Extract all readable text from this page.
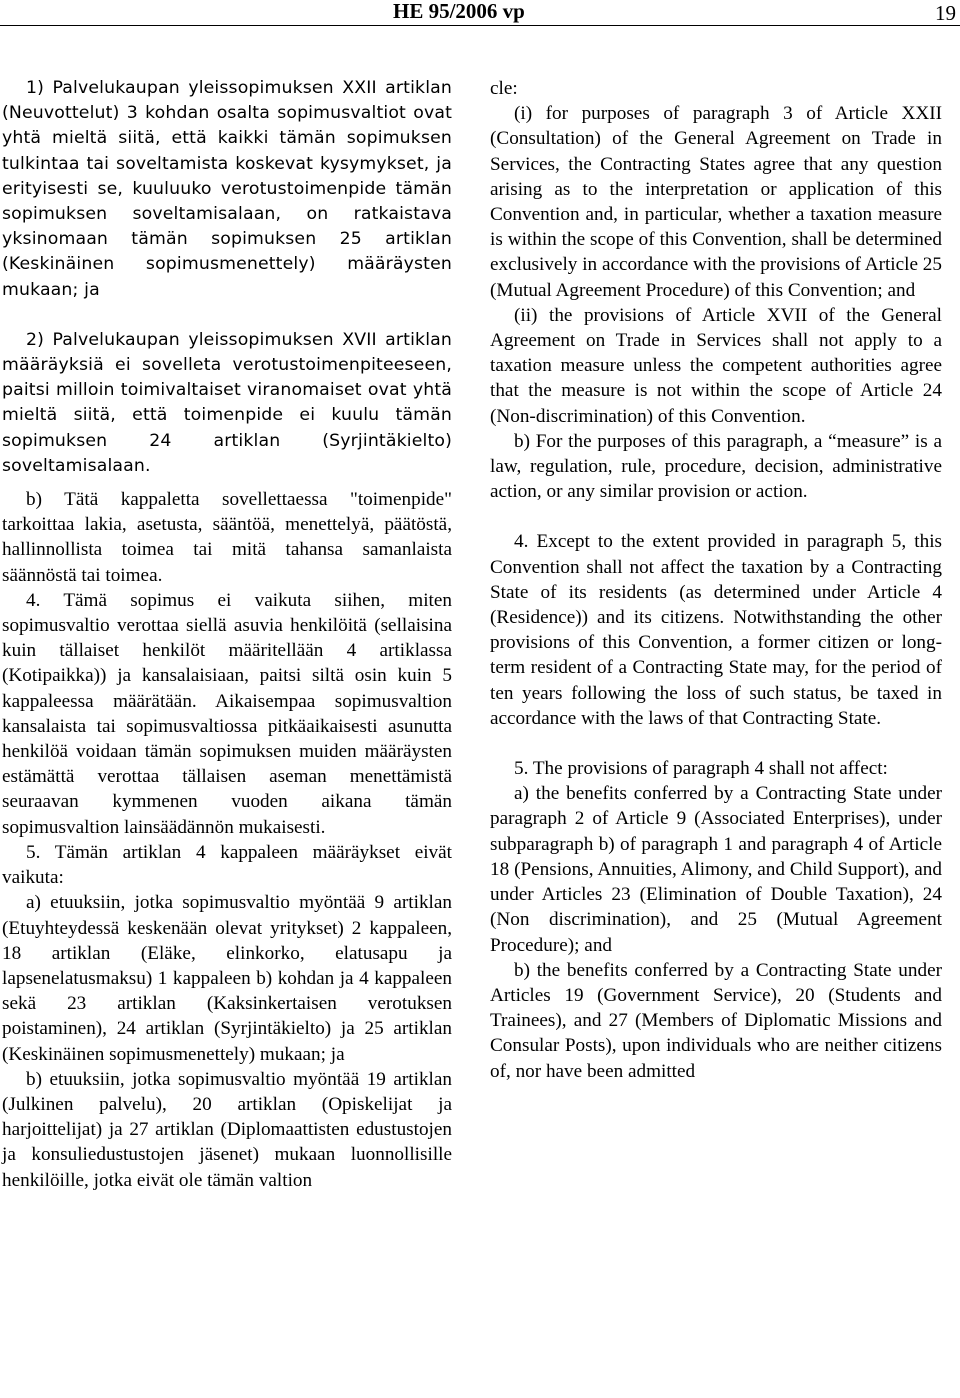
HE 95/2006 vp	19

1) Palvelukaupan yleissopimuksen XXII artiklan (Neuvottelut) 3 kohdan osalta sopimusvaltiot ovat yhtä mieltä siitä, että kaikki tämän sopimuksen tulkintaa tai soveltamista koskevat kysymykset, ja erityisesti se, kuuluuko verotustoimenpide tämän sopimuksen soveltamisalaan, on ratkaistava yksinomaan tämän sopimuksen 25 artiklan (Keskinäinen sopimusmenettely) määräysten mukaan; ja

2) Palvelukaupan yleissopimuksen XVII artiklan määräyksiä ei sovelleta verotustoimenpiteeseen, paitsi milloin toimivaltaiset viranomaiset ovat yhtä mieltä siitä, että toimenpide ei kuulu tämän sopimuksen 24 artiklan (Syrjintäkielto) soveltamisalaan.

b) Tätä kappaletta sovellettaessa "toimenpide" tarkoittaa lakia, asetusta, sääntöä, menettelyä, päätöstä, hallinnollista toimea tai mitä tahansa samanlaista säännöstä tai toimea.

4. Tämä sopimus ei vaikuta siihen, miten sopimusvaltio verottaa siellä asuvia henkilöitä (sellaisina kuin tällaiset henkilöt määritellään 4 artiklassa (Kotipaikka)) ja kansalaisiaan, paitsi siltä osin kuin 5 kappaleessa määrätään. Aikaisempaa sopimusvaltion kansalaista tai sopimusvaltiossa pitkäaikaisesti asunutta henkilöä voidaan tämän sopimuksen muiden määräysten estämättä verottaa tällaisen aseman menettämistä seuraavan kymmenen vuoden aikana tämän sopimusvaltion lainsäädännön mukaisesti.

5. Tämän artiklan 4 kappaleen määräykset eivät vaikuta:

a) etuuksiin, jotka sopimusvaltio myöntää 9 artiklan (Etuyhteydessä keskenään olevat yritykset) 2 kappaleen, 18 artiklan (Eläke, elinkorko, elatusapu ja lapsenelatusmaksu) 1 kappaleen b) kohdan ja 4 kappaleen sekä 23 artiklan (Kaksinkertaisen verotuksen poistaminen), 24 artiklan (Syrjintäkielto) ja 25 artiklan (Keskinäinen sopimusmenettely) mukaan; ja

b) etuuksiin, jotka sopimusvaltio myöntää 19 artiklan (Julkinen palvelu), 20 artiklan (Opiskelijat ja harjoittelijat) ja 27 artiklan (Diplomaattisten edustustojen ja konsuliedustustojen jäsenet) mukaan luonnollisille henkilöille, jotka eivät ole tämän valtion

cle:

(i) for purposes of paragraph 3 of Article XXII (Consultation) of the General Agreement on Trade in Services, the Contracting States agree that any question arising as to the interpretation or application of this Convention and, in particular, whether a taxation measure is within the scope of this Convention, shall be determined exclusively in accordance with the provisions of Article 25 (Mutual Agreement Procedure) of this Convention; and

(ii) the provisions of Article XVII of the General Agreement on Trade in Services shall not apply to a taxation measure unless the competent authorities agree that the measure is not within the scope of Article 24 (Non-discrimination) of this Convention.

b) For the purposes of this paragraph, a “measure” is a law, regulation, rule, procedure, decision, administrative action, or any similar provision or action.

4. Except to the extent provided in paragraph 5, this Convention shall not affect the taxation by a Contracting State of its residents (as determined under Article 4 (Residence)) and its citizens. Notwithstanding the other provisions of this Convention, a former citizen or long-term resident of a Contracting State may, for the period of ten years following the loss of such status, be taxed in accordance with the laws of that Contracting State.

5. The provisions of paragraph 4 shall not affect:

a) the benefits conferred by a Contracting State under paragraph 2 of Article 9 (Associated Enterprises), under subparagraph b) of paragraph 1 and paragraph 4 of Article 18 (Pensions, Annuities, Alimony, and Child Support), and under Articles 23 (Elimination of Double Taxation), 24 (Non discrimination), and 25 (Mutual Agreement Procedure); and

b) the benefits conferred by a Contracting State under Articles 19 (Government Service), 20 (Students and Trainees), and 27 (Members of Diplomatic Missions and Consular Posts), upon individuals who are neither citizens of, nor have been admitted
